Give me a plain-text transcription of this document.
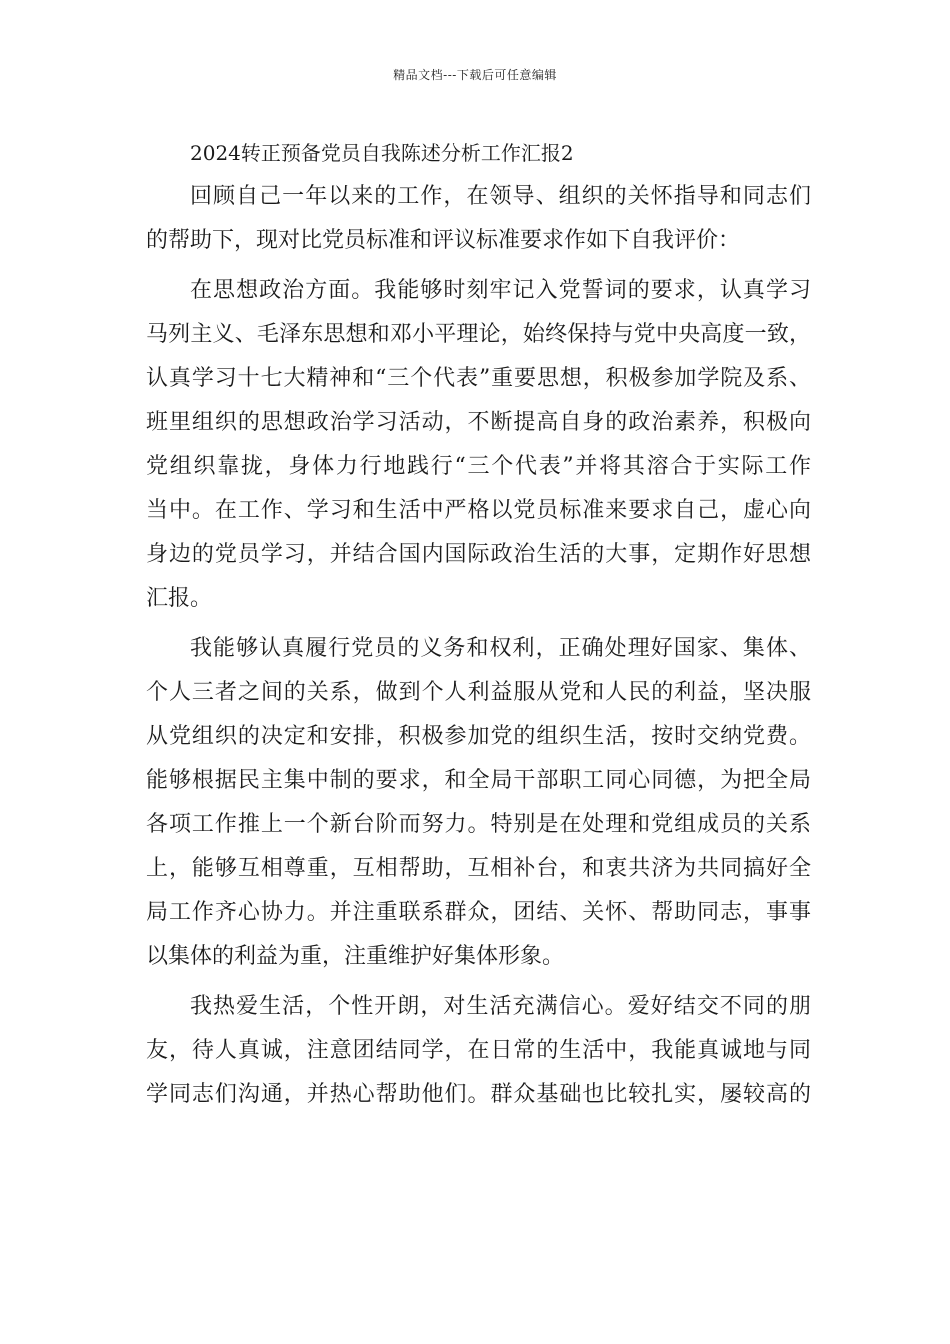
精品文档---下载后可任意编辑
2024转正预备党员自我陈述分析工作汇报2
回顾自己一年以来的工作，在领导、组织的关怀指导和同志们
的帮助下，现对比党员标准和评议标准要求作如下自我评价：
在思想政治方面。我能够时刻牢记入党誓词的要求，认真学习
马列主义、毛泽东思想和邓小平理论，始终保持与党中央高度一致，
认真学习十七大精神和“三个代表”重要思想，积极参加学院及系、
班里组织的思想政治学习活动，不断提高自身的政治素养，积极向
党组织靠拢，身体力行地践行“三个代表”并将其溶合于实际工作
当中。在工作、学习和生活中严格以党员标准来要求自己，虚心向
身边的党员学习，并结合国内国际政治生活的大事，定期作好思想
汇报。
我能够认真履行党员的义务和权利，正确处理好国家、集体、
个人三者之间的关系，做到个人利益服从党和人民的利益，坚决服
从党组织的决定和安排，积极参加党的组织生活，按时交纳党费。
能够根据民主集中制的要求，和全局干部职工同心同德，为把全局
各项工作推上一个新台阶而努力。特别是在处理和党组成员的关系
上，能够互相尊重，互相帮助，互相补台，和衷共济为共同搞好全
局工作齐心协力。并注重联系群众，团结、关怀、帮助同志，事事
以集体的利益为重，注重维护好集体形象。
我热爱生活，个性开朗，对生活充满信心。爱好结交不同的朋
友，待人真诚，注意团结同学，在日常的生活中，我能真诚地与同
学同志们沟通，并热心帮助他们。群众基础也比较扎实，屡较高的
